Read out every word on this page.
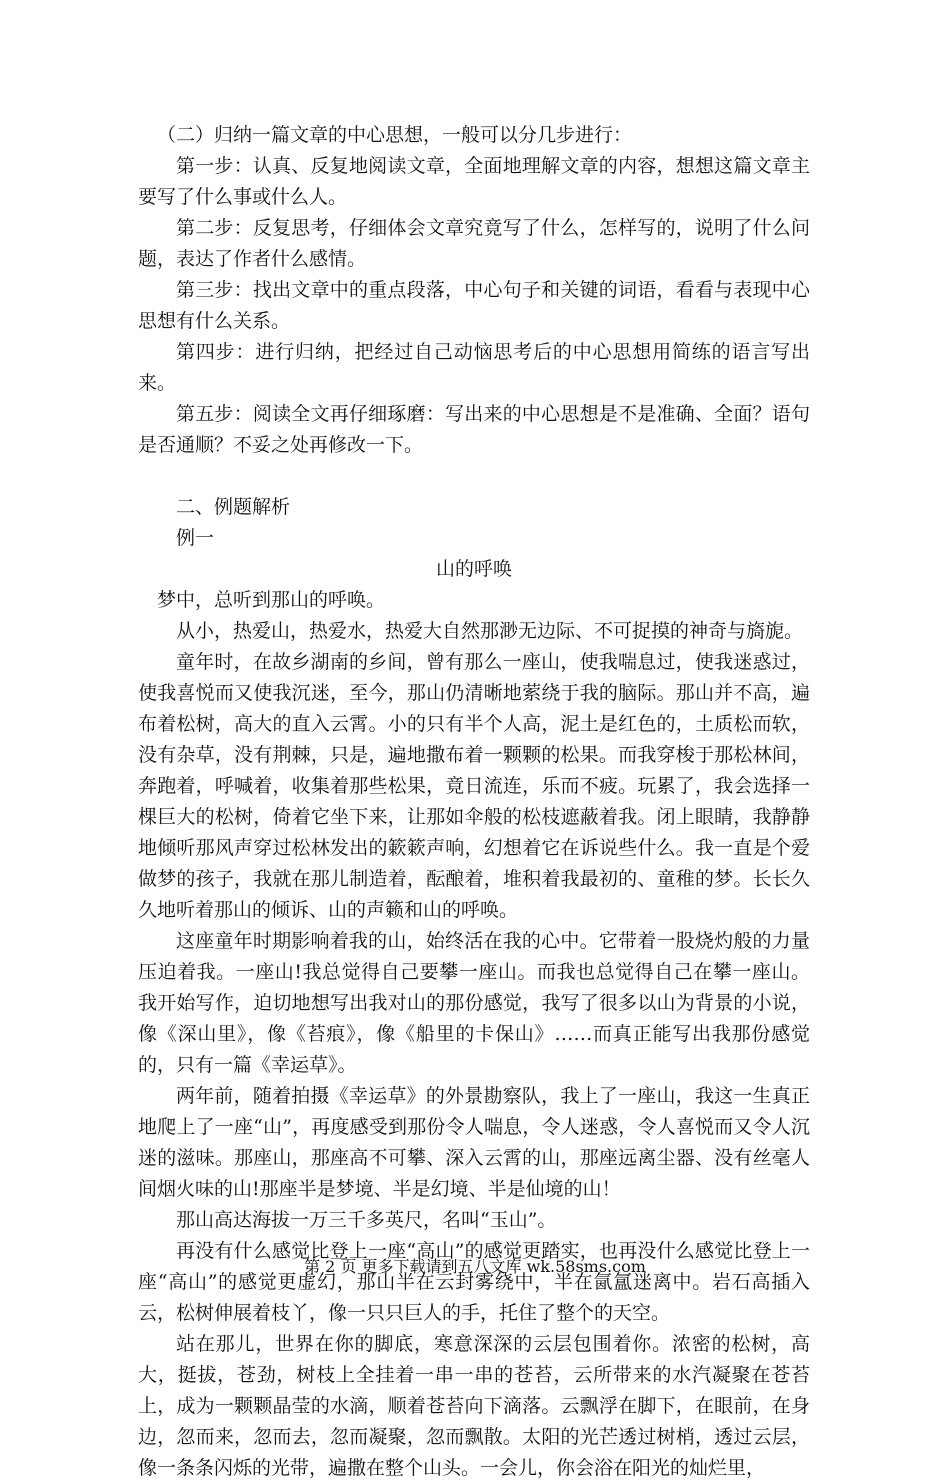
（二）归纳一篇文章的中心思想，一般可以分几步进行：

第一步：认真、反复地阅读文章，全面地理解文章的内容，想想这篇文章主要写了什么事或什么人。

第二步：反复思考，仔细体会文章究竟写了什么，怎样写的，说明了什么问题，表达了作者什么感情。

第三步：找出文章中的重点段落，中心句子和关键的词语，看看与表现中心思想有什么关系。

第四步：进行归纳，把经过自己动恼思考后的中心思想用简练的语言写出来。

第五步：阅读全文再仔细琢磨：写出来的中心思想是不是准确、全面？语句是否通顺？不妥之处再修改一下。

二、例题解析

例一

山的呼唤

梦中，总听到那山的呼唤。

从小，热爱山，热爱水，热爱大自然那渺无边际、不可捉摸的神奇与旖旎。

童年时，在故乡湖南的乡间，曾有那么一座山，使我喘息过，使我迷惑过，使我喜悦而又使我沉迷，至今，那山仍清晰地萦绕于我的脑际。那山并不高，遍布着松树，高大的直入云霄。小的只有半个人高，泥土是红色的，土质松而软，没有杂草，没有荆棘，只是，遍地撒布着一颗颗的松果。而我穿梭于那松林间，奔跑着，呼喊着，收集着那些松果，竟日流连，乐而不疲。玩累了，我会选择一棵巨大的松树，倚着它坐下来，让那如伞般的松枝遮蔽着我。闭上眼睛，我静静地倾听那风声穿过松林发出的簌簌声响，幻想着它在诉说些什么。我一直是个爱做梦的孩子，我就在那儿制造着，酝酿着，堆积着我最初的、童稚的梦。长长久久地听着那山的倾诉、山的声籁和山的呼唤。

这座童年时期影响着我的山，始终活在我的心中。它带着一股烧灼般的力量压迫着我。一座山!我总觉得自己要攀一座山。而我也总觉得自己在攀一座山。我开始写作，迫切地想写出我对山的那份感觉，我写了很多以山为背景的小说，像《深山里》，像《苔痕》，像《船里的卡保山》……而真正能写出我那份感觉的，只有一篇《幸运草》。

两年前，随着拍摄《幸运草》的外景勘察队，我上了一座山，我这一生真正地爬上了一座“山”，再度感受到那份令人喘息，令人迷惑，令人喜悦而又令人沉迷的滋味。那座山，那座高不可攀、深入云霄的山，那座远离尘器、没有丝毫人间烟火味的山!那座半是梦境、半是幻境、半是仙境的山！

那山高达海拔一万三千多英尺，名叫“玉山”。

再没有什么感觉比登上一座“高山”的感觉更踏实，也再没什么感觉比登上一座“高山”的感觉更虚幻，那山半在云封雾绕中，半在氤氲迷离中。岩石高插入云，松树伸展着枝丫，像一只只巨人的手，托住了整个的天空。

站在那儿，世界在你的脚底，寒意深深的云层包围着你。浓密的松树，高大，挺拔，苍劲，树枝上全挂着一串一串的苍苔，云所带来的水汽凝聚在苍苔上，成为一颗颗晶莹的水滴，顺着苍苔向下滴落。云飘浮在脚下，在眼前，在身边，忽而来，忽而去，忽而凝聚，忽而飘散。太阳的光芒透过树梢，透过云层，像一条条闪烁的光带，遍撒在整个山头。一会儿，你会浴在阳光的灿烂里，

第 2 页 更多下载请到五八文库 wk.58sms.com
